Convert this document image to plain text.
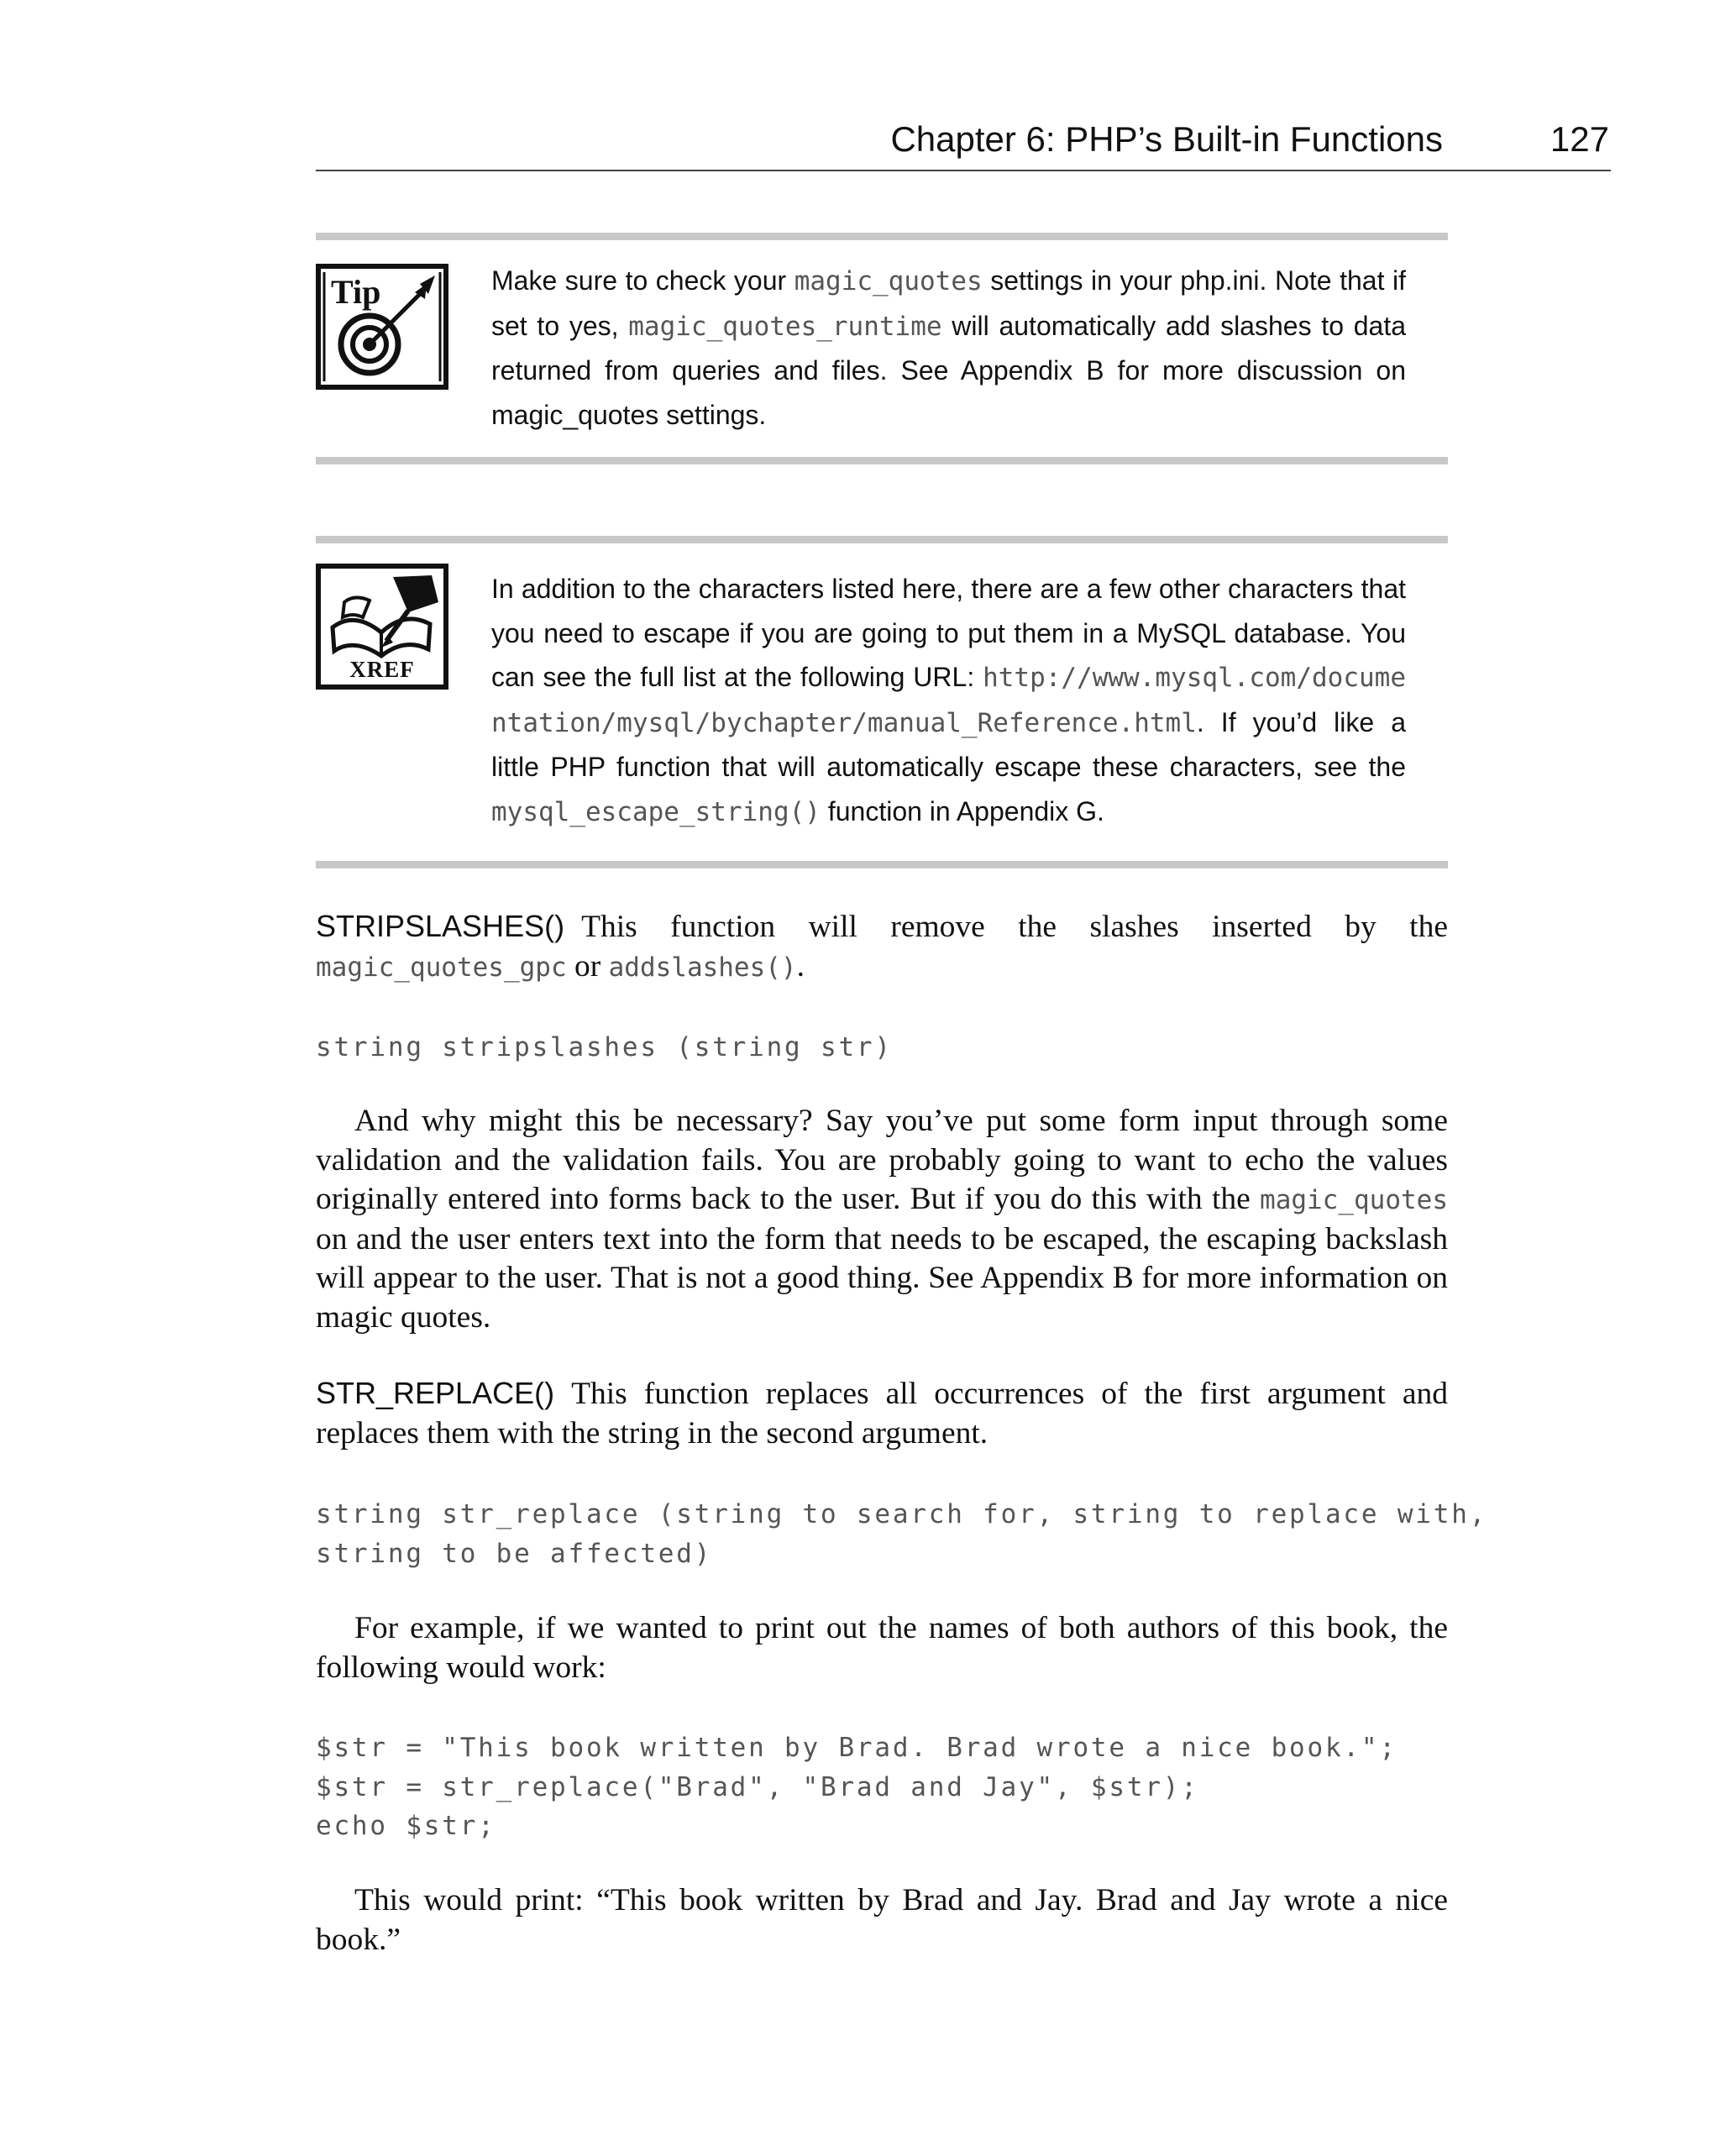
Chapter 6: PHP’s Built-in Functions	127
Tip	Make sure to check your magic_quotes settings in your php.ini. Note that if set to yes, magic_quotes_runtime will automatically add slashes to data returned from queries and files. See Appendix B for more discussion on magic_quotes settings.

XREF

In addition to the characters listed here, there are a few other characters that you need to escape if you are going to put them in a MySQL database. You can see the full list at the following URL: http://www.mysql.com/documentation/mysql/bychapter/manual_Reference.html. If you’d like a little PHP function that will automatically escape these characters, see the mysql_escape_string() function in Appendix G.

STRIPSLASHES() This function will remove the slashes inserted by the magic_quotes_gpc or addslashes().

string stripslashes (string str)

And why might this be necessary? Say you’ve put some form input through some validation and the validation fails. You are probably going to want to echo the values originally entered into forms back to the user. But if you do this with the magic_quotes on and the user enters text into the form that needs to be escaped, the escaping backslash will appear to the user. That is not a good thing. See Appendix B for more information on magic quotes.

STR_REPLACE() This function replaces all occurrences of the first argument and replaces them with the string in the second argument.

string str_replace (string to search for, string to replace with,
string to be affected)

For example, if we wanted to print out the names of both authors of this book, the following would work:

$str = "This book written by Brad. Brad wrote a nice book.";
$str = str_replace("Brad", "Brad and Jay", $str);
echo $str;

This would print: “This book written by Brad and Jay. Brad and Jay wrote a nice book.”
